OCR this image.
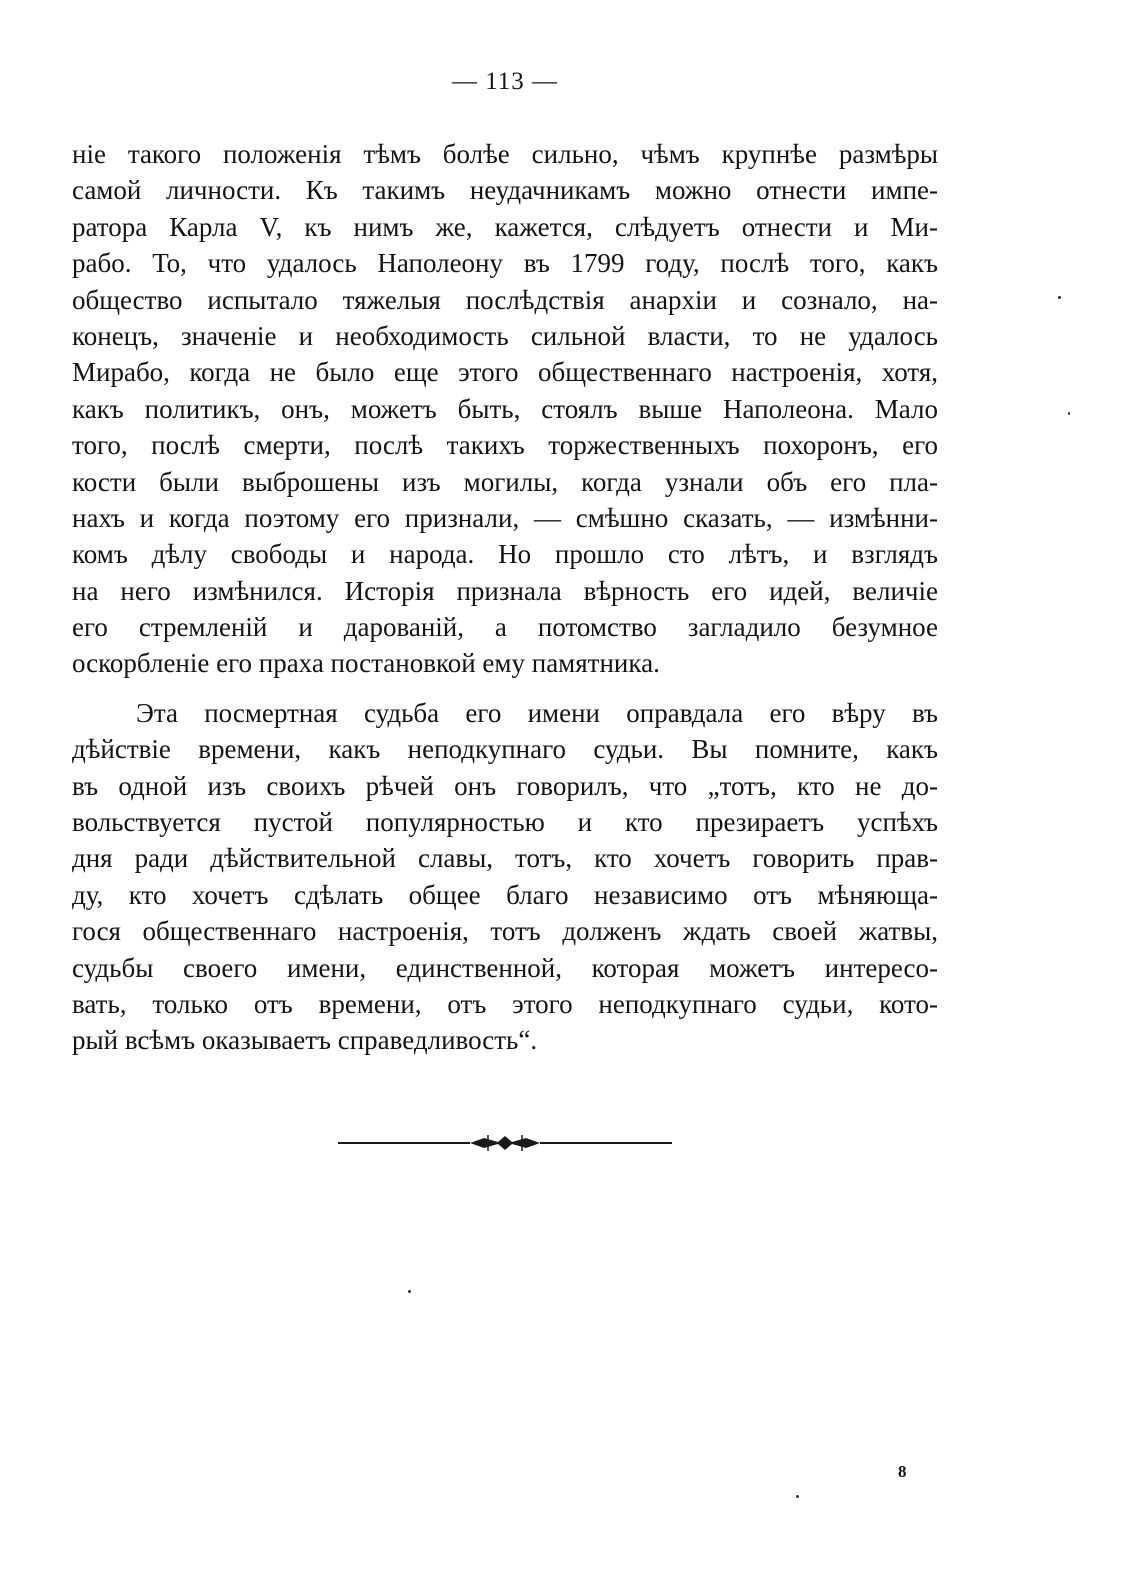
— 113 —
ніе такого положенія тѣмъ болѣе сильно, чѣмъ крупнѣе размѣры
самой личности. Къ такимъ неудачникамъ можно отнести импе-
ратора Карла V, къ нимъ же, кажется, слѣдуетъ отнести и Ми-
рабо. То, что удалось Наполеону въ 1799 году, послѣ того, какъ
общество испытало тяжелыя послѣдствія анархіи и сознало, на-
конецъ, значеніе и необходимость сильной власти, то не удалось
Мирабо, когда не было еще этого общественнаго настроенія, хотя,
какъ политикъ, онъ, можетъ быть, стоялъ выше Наполеона. Мало
того, послѣ смерти, послѣ такихъ торжественныхъ похоронъ, его
кости были выброшены изъ могилы, когда узнали объ его пла-
нахъ и когда поэтому его признали, — смѣшно сказать, — измѣнни-
комъ дѣлу свободы и народа. Но прошло сто лѣтъ, и взглядъ
на него измѣнился. Исторія признала вѣрность его идей, величіе
его стремленій и дарованій, а потомство загладило безумное
оскорбленіе его праха постановкой ему памятника.
Эта посмертная судьба его имени оправдала его вѣру въ
дѣйствіе времени, какъ неподкупнаго судьи. Вы помните, какъ
въ одной изъ своихъ рѣчей онъ говорилъ, что „тотъ, кто не до-
вольствуется пустой популярностью и кто презираетъ успѣхъ
дня ради дѣйствительной славы, тотъ, кто хочетъ говорить прав-
ду, кто хочетъ сдѣлать общее благо независимо отъ мѣняюща-
гося общественнаго настроенія, тотъ долженъ ждать своей жатвы,
судьбы своего имени, единственной, которая можетъ интересо-
вать, только отъ времени, отъ этого неподкупнаго судьи, кото-
рый всѣмъ оказываетъ справедливость“.
8
